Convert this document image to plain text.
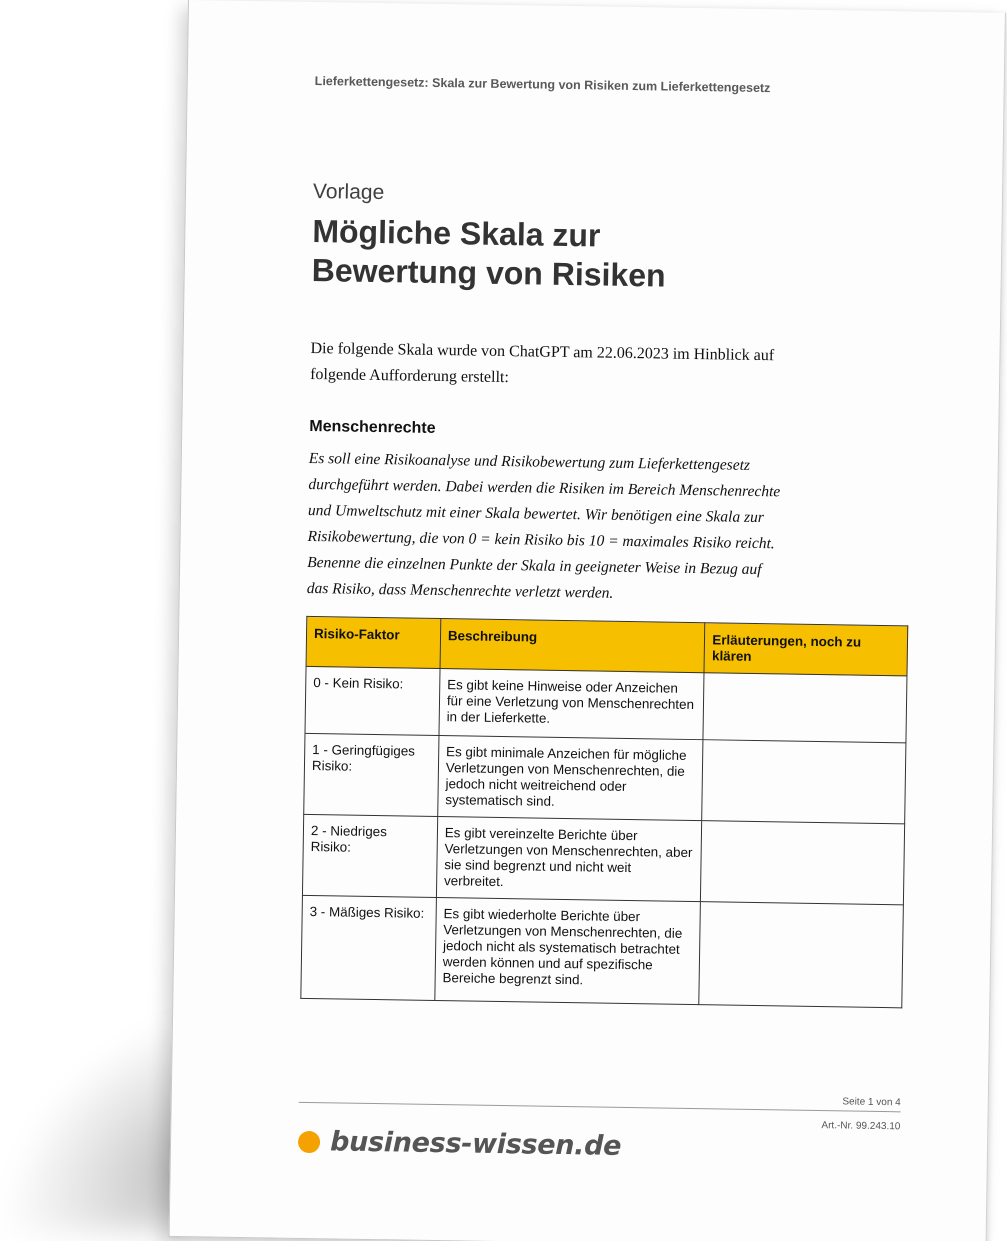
Lieferkettengesetz: Skala zur Bewertung von Risiken zum Lieferkettengesetz
Vorlage
Mögliche Skala zur
Bewertung von Risiken
Die folgende Skala wurde von ChatGPT am 22.06.2023 im Hinblick auf
folgende Aufforderung erstellt:
Menschenrechte
Es soll eine Risikoanalyse und Risikobewertung zum Lieferkettengesetz
durchgeführt werden. Dabei werden die Risiken im Bereich Menschenrechte
und Umweltschutz mit einer Skala bewertet. Wir benötigen eine Skala zur
Risikobewertung, die von 0 = kein Risiko bis 10 = maximales Risiko reicht.
Benenne die einzelnen Punkte der Skala in geeigneter Weise in Bezug auf
das Risiko, dass Menschenrechte verletzt werden.
Risiko-Faktor	Beschreibung	Erläuterungen, noch zu klären
0 - Kein Risiko:	Es gibt keine Hinweise oder Anzeichen für eine Verletzung von Menschenrechten in der Lieferkette.	
1 - Geringfügiges Risiko:	Es gibt minimale Anzeichen für mögliche Verletzungen von Menschenrechten, die jedoch nicht weitreichend oder systematisch sind.	
2 - Niedriges Risiko:	Es gibt vereinzelte Berichte über Verletzungen von Menschenrechten, aber sie sind begrenzt und nicht weit verbreitet.	
3 - Mäßiges Risiko:	Es gibt wiederholte Berichte über Verletzungen von Menschenrechten, die jedoch nicht als systematisch betrachtet werden können und auf spezifische Bereiche begrenzt sind.	
Seite 1 von 4
Art.-Nr. 99.243.10
business-wissen.de
